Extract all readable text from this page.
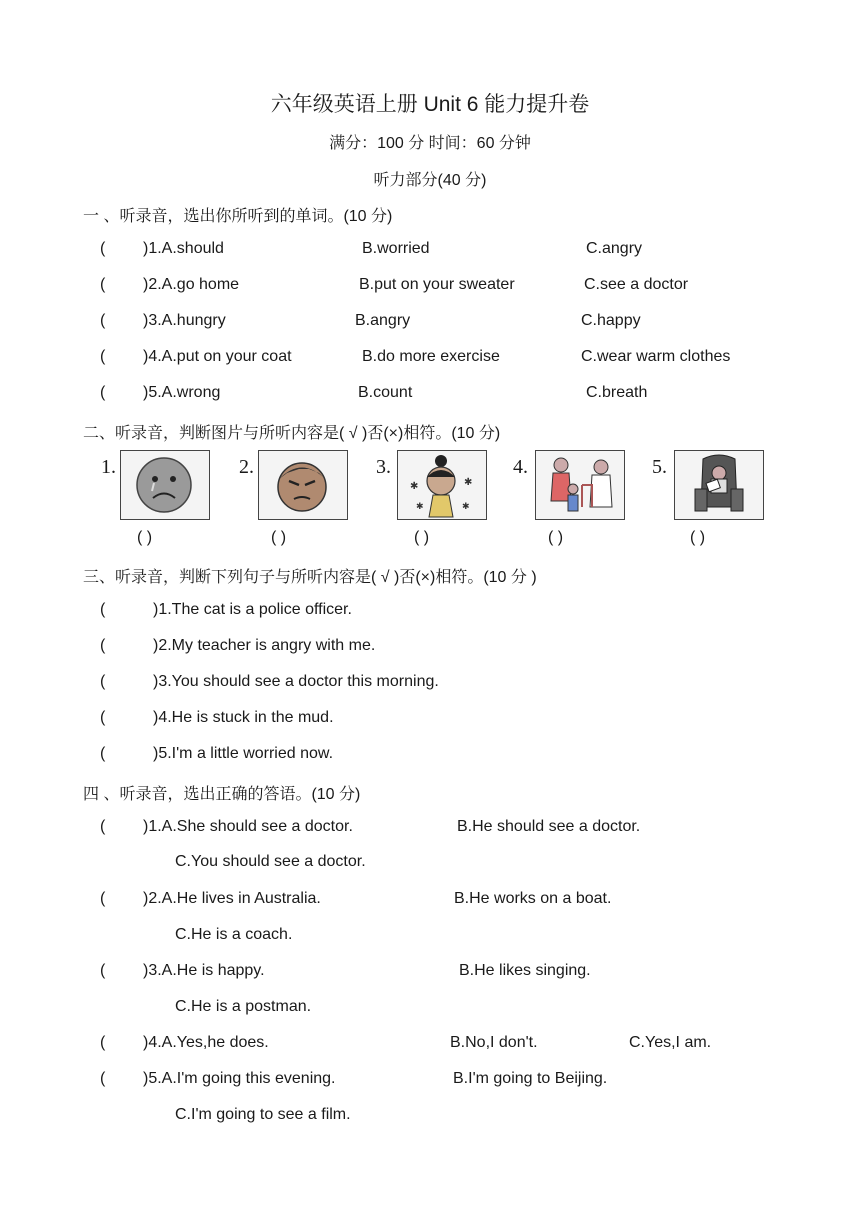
六年级英语上册 Unit 6 能力提升卷
满分：100 分 时间：60 分钟
听力部分(40 分)
一 、听录音，选出你所听到的单词。(10 分)
( )1.A.should	B.worried	C.angry
( )2.A.go home	B.put on your sweater	C.see a doctor
( )3.A.hungry	B.angry	C.happy
( )4.A.put on your coat	B.do more exercise	C.wear warm clothes
( )5.A.wrong	B.count	C.breath
二、听录音，判断图片与所听内容是( √ )否(×)相符。(10 分)
1.	2.	3.
✱	✱
✱	✱
4.	5.
( )	( )	( )	( )	( )
三、听录音，判断下列句子与所听内容是( √ )否(×)相符。(10 分 )
(	)1.The cat is a police officer.
(	)2.My teacher is angry with me.
(	)3.You should see a doctor this morning.
(	)4.He is stuck in the mud.
(	)5.I'm a little worried now.
四 、听录音，选出正确的答语。(10 分)
( )1.A.She should see a doctor.	B.He should see a doctor.
C.You should see a doctor.
( )2.A.He lives in Australia.	B.He works on a boat.
C.He is a coach.
( )3.A.He is happy.	B.He likes singing.
C.He is a postman.
( )4.A.Yes,he does.	B.No,I don't.	C.Yes,I am.
( )5.A.I'm going this evening.	B.I'm going to Beijing.
C.I'm going to see a film.
